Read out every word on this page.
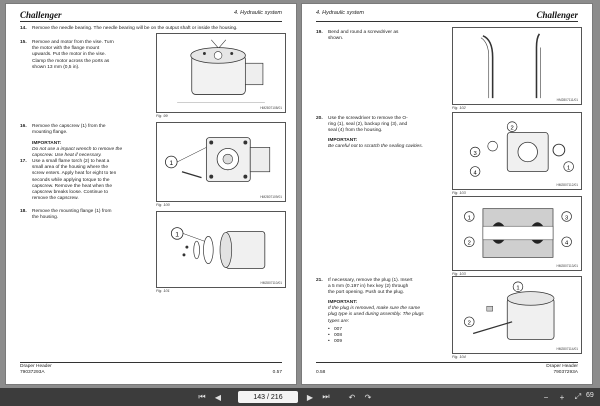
Challenger	4. Hydraulic system
14. Remove the needle bearing. The needle bearing will be on the output shaft or inside the housing.
15. Remove and motor from the vise. Turn the motor with the flange mount upwards. Put the motor in the vise. Clamp the motor across the ports as shown 13 mm (0,5 in).
HM2807108/01
Fig. 99
16. Remove the capscrew (1) from the mounting flange.
IMPORTANT:
Do not use a impact wrench to remove the capscrew. Use heat if necessary.
17. Use a small flame torch (2) to heat a small area of the housing where the screw enters. Apply heat for eight to ten seconds while applying torque to the capscrew. Remove the heat when the capscrew breaks loose. Continue to remove the capscrew.
1
HM2807109/01
Fig. 100
18. Remove the mounting flange (1) from the housing.
1
HM2807110/01
Fig. 101
Draper Header
79037293A	0.57
4. Hydraulic system	Challenger
19. Bend and round a screwdriver as shown.
HM2807111/01
Fig. 102
20. Use the screwdriver to remove the O-ring (1), seal (2), backup ring (3), and seal (4) from the housing.
IMPORTANT:
Be careful not to scratch the sealing cavities.
2
3
4
1
HM2807112/01
Fig. 103
1
2
3
4
HM2807113/01
Fig. 103
21. If necessary, remove the plug (1). Insert a 5 mm (0.197 in) hex key (2) through the port opening. Push out the plug.
IMPORTANT:
If the plug is removed, make sure the same plug type is used during assembly. The plugs types are:
• 007
• 008
• 009
1
2
HM2807114/01
Fig. 104
0.58
Draper Header
79037293A
⏮	◀	143 / 216	▶	⏭	↶	↷	−	+	⤢ 69
